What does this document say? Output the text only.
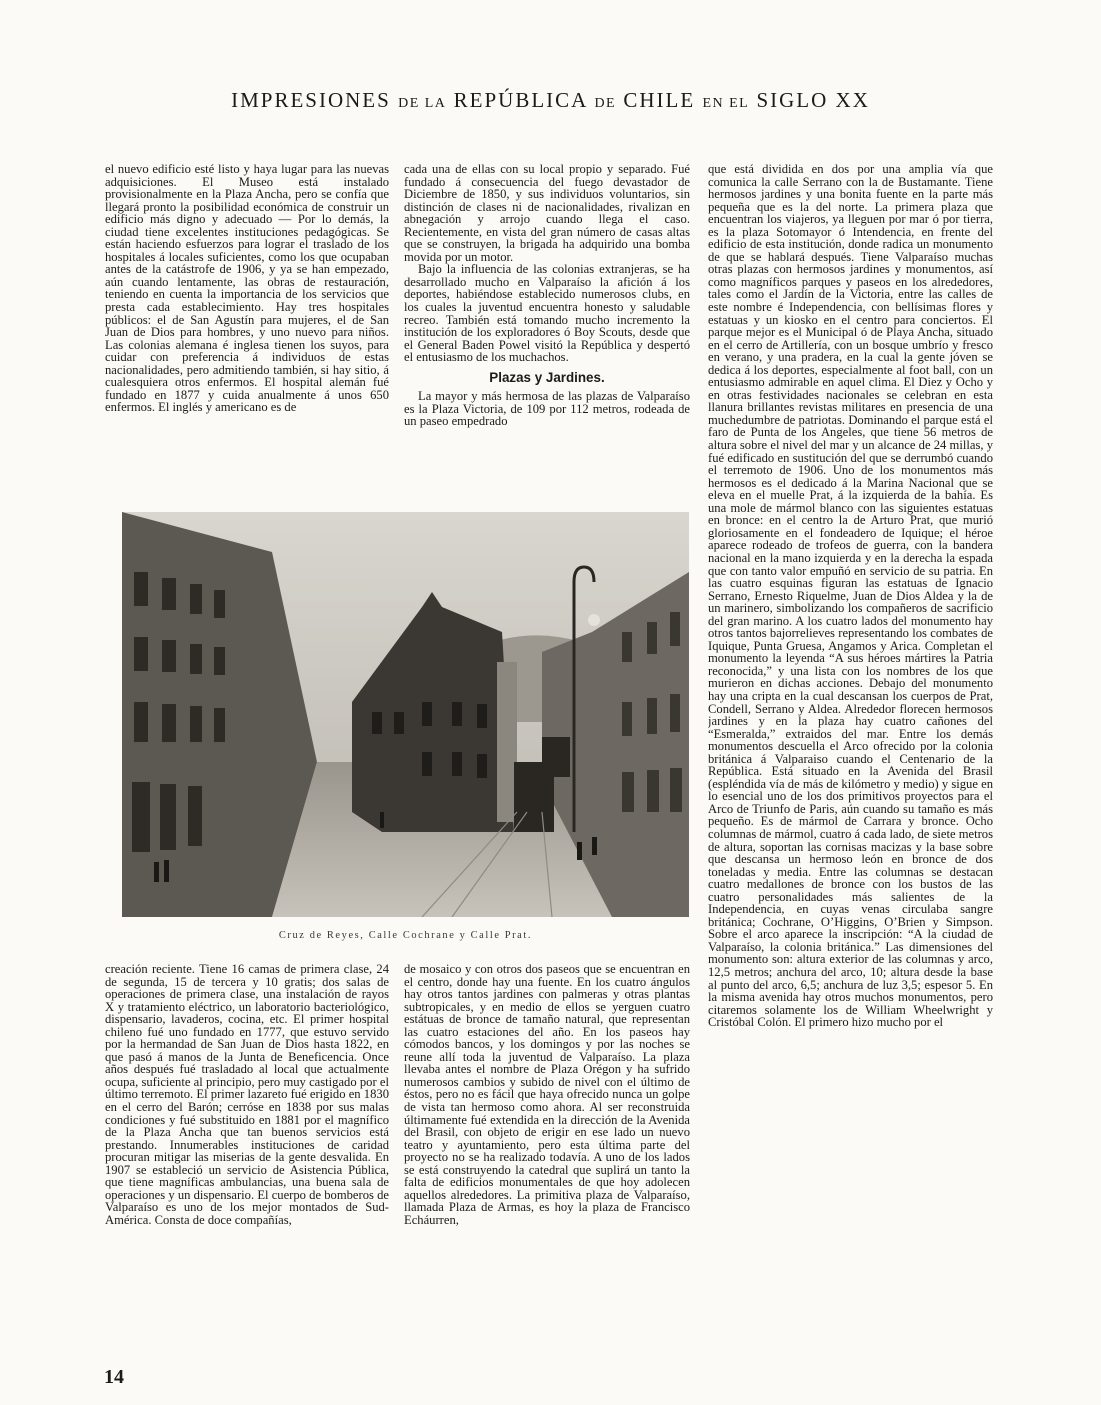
IMPRESIONES DE LA REPÚBLICA DE CHILE EN EL SIGLO XX

el nuevo edificio esté listo y haya lugar para las nuevas adquisiciones. El Museo está instalado provisionalmente en la Plaza Ancha, pero se confía que llegará pronto la posibilidad económica de construir un edificio más digno y adecuado — Por lo demás, la ciudad tiene excelentes instituciones pedagógicas. Se están haciendo esfuerzos para lograr el traslado de los hospitales á locales suficientes, como los que ocupaban antes de la catástrofe de 1906, y ya se han empezado, aún cuando lentamente, las obras de restauración, teniendo en cuenta la importancia de los servicios que presta cada establecimiento. Hay tres hospitales públicos: el de San Agustín para mujeres, el de San Juan de Dios para hombres, y uno nuevo para niños. Las colonias alemana é inglesa tienen los suyos, para cuidar con preferencia á individuos de estas nacionalidades, pero admitiendo también, si hay sitio, á cualesquiera otros enfermos. El hospital alemán fué fundado en 1877 y cuida anualmente á unos 650 enfermos. El inglés y americano es de

cada una de ellas con su local propio y separado. Fué fundado á consecuencia del fuego devastador de Diciembre de 1850, y sus individuos voluntarios, sin distinción de clases ni de nacionalidades, rivalizan en abnegación y arrojo cuando llega el caso. Recientemente, en vista del gran número de casas altas que se construyen, la brigada ha adquirido una bomba movida por un motor.

Bajo la influencia de las colonias extranjeras, se ha desarrollado mucho en Valparaíso la afición á los deportes, habiéndose establecido numerosos clubs, en los cuales la juventud encuentra honesto y saludable recreo. También está tomando mucho incremento la institución de los exploradores ó Boy Scouts, desde que el General Baden Powel visitó la República y despertó el entusiasmo de los muchachos.

Plazas y Jardines.

La mayor y más hermosa de las plazas de Valparaíso es la Plaza Victoria, de 109 por 112 metros, rodeada de un paseo empedrado

que está dividida en dos por una amplia vía que comunica la calle Serrano con la de Bustamante. Tiene hermosos jardines y una bonita fuente en la parte más pequeña que es la del norte. La primera plaza que encuentran los viajeros, ya lleguen por mar ó por tierra, es la plaza Sotomayor ó Intendencia, en frente del edificio de esta institución, donde radica un monumento de que se hablará después. Tiene Valparaíso muchas otras plazas con hermosos jardines y monumentos, así como magníficos parques y paseos en los alrededores, tales como el Jardín de la Victoria, entre las calles de este nombre é Independencia, con bellísimas flores y estatuas y un kiosko en el centro para conciertos. El parque mejor es el Municipal ó de Playa Ancha, situado en el cerro de Artillería, con un bosque umbrío y fresco en verano, y una pradera, en la cual la gente jóven se dedica á los deportes, especialmente al foot ball, con un entusiasmo admirable en aquel clima. El Diez y Ocho y en otras festividades nacionales se celebran en esta llanura brillantes revistas militares en presencia de una muchedumbre de patriotas. Dominando el parque está el faro de Punta de los Angeles, que tiene 56 metros de altura sobre el nivel del mar y un alcance de 24 millas, y fué edificado en sustitución del que se derrumbó cuando el terremoto de 1906. Uno de los monumentos más hermosos es el dedicado á la Marina Nacional que se eleva en el muelle Prat, á la izquierda de la bahía. Es una mole de mármol blanco con las siguientes estatuas en bronce: en el centro la de Arturo Prat, que murió gloriosamente en el fondeadero de Iquique; el héroe aparece rodeado de trofeos de guerra, con la bandera nacional en la mano izquierda y en la derecha la espada que con tanto valor empuñó en servicio de su patria. En las cuatro esquinas figuran las estatuas de Ignacio Serrano, Ernesto Riquelme, Juan de Dios Aldea y la de un marinero, simbolizando los compañeros de sacrificio del gran marino. A los cuatro lados del monumento hay otros tantos bajorrelieves representando los combates de Iquique, Punta Gruesa, Angamos y Arica. Completan el monumento la leyenda “A sus héroes mártires la Patria reconocida,” y una lista con los nombres de los que murieron en dichas acciones. Debajo del monumento hay una cripta en la cual descansan los cuerpos de Prat, Condell, Serrano y Aldea. Alrededor florecen hermosos jardines y en la plaza hay cuatro cañones del “Esmeralda,” extraidos del mar. Entre los demás monumentos descuella el Arco ofrecido por la colonia británica á Valparaiso cuando el Centenario de la República. Está situado en la Avenida del Brasil (espléndida vía de más de kilómetro y medio) y sigue en lo esencial uno de los dos primitivos proyectos para el Arco de Triunfo de Paris, aún cuando su tamaño es más pequeño. Es de mármol de Carrara y bronce. Ocho columnas de mármol, cuatro á cada lado, de siete metros de altura, soportan las cornisas macizas y la base sobre que descansa un hermoso león en bronce de dos toneladas y media. Entre las columnas se destacan cuatro medallones de bronce con los bustos de las cuatro personalidades más salientes de la Independencia, en cuyas venas circulaba sangre británica; Cochrane, O’Higgins, O’Brien y Simpson. Sobre el arco aparece la inscripción: “A la ciudad de Valparaíso, la colonia británica.” Las dimensiones del monumento son: altura exterior de las columnas y arco, 12,5 metros; anchura del arco, 10; altura desde la base al punto del arco, 6,5; anchura de luz 3,5; espesor 5. En la misma avenida hay otros muchos monumentos, pero citaremos solamente los de William Wheelwright y Cristóbal Colón. El primero hizo mucho por el

Cruz de Reyes, Calle Cochrane y Calle Prat.

creación reciente. Tiene 16 camas de primera clase, 24 de segunda, 15 de tercera y 10 gratis; dos salas de operaciones de primera clase, una instalación de rayos X y tratamiento eléctrico, un laboratorio bacteriológico, dispensario, lavaderos, cocina, etc. El primer hospital chileno fué uno fundado en 1777, que estuvo servido por la hermandad de San Juan de Dios hasta 1822, en que pasó á manos de la Junta de Beneficencia. Once años después fué trasladado al local que actualmente ocupa, suficiente al principio, pero muy castigado por el último terremoto. El primer lazareto fué erigido en 1830 en el cerro del Barón; cerróse en 1838 por sus malas condiciones y fué substituido en 1881 por el magnífico de la Plaza Ancha que tan buenos servicios está prestando. Innumerables instituciones de caridad procuran mitigar las miserias de la gente desvalida. En 1907 se estableció un servicio de Asistencia Pública, que tiene magníficas ambulancias, una buena sala de operaciones y un dispensario. El cuerpo de bomberos de Valparaíso es uno de los mejor montados de Sud-América. Consta de doce compañías,

de mosaico y con otros dos paseos que se encuentran en el centro, donde hay una fuente. En los cuatro ángulos hay otros tantos jardines con palmeras y otras plantas subtropicales, y en medio de ellos se yerguen cuatro estátuas de bronce de tamaño natural, que representan las cuatro estaciones del año. En los paseos hay cómodos bancos, y los domingos y por las noches se reune allí toda la juventud de Valparaíso. La plaza llevaba antes el nombre de Plaza Orégon y ha sufrido numerosos cambios y subido de nivel con el último de éstos, pero no es fácil que haya ofrecido nunca un golpe de vista tan hermoso como ahora. Al ser reconstruida últimamente fué extendida en la dirección de la Avenida del Brasil, con objeto de erigir en ese lado un nuevo teatro y ayuntamiento, pero esta última parte del proyecto no se ha realizado todavía. A uno de los lados se está construyendo la catedral que suplirá un tanto la falta de edificios monumentales de que hoy adolecen aquellos alrededores. La primitiva plaza de Valparaíso, llamada Plaza de Armas, es hoy la plaza de Francisco Echáurren,

14
